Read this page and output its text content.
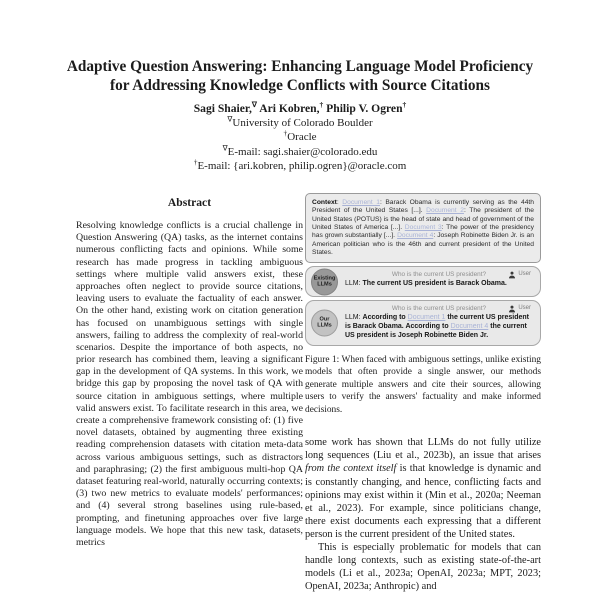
Adaptive Question Answering: Enhancing Language Model Proficiency for Addressing Knowledge Conflicts with Source Citations
Sagi Shaier,∇ Ari Kobren,† Philip V. Ogren†
∇University of Colorado Boulder
†Oracle
∇E-mail: sagi.shaier@colorado.edu
†E-mail: {ari.kobren, philip.ogren}@oracle.com
Abstract
Resolving knowledge conflicts is a crucial challenge in Question Answering (QA) tasks, as the internet contains numerous conflicting facts and opinions. While some research has made progress in tackling ambiguous settings where multiple valid answers exist, these approaches often neglect to provide source citations, leaving users to evaluate the factuality of each answer. On the other hand, existing work on citation generation has focused on unambiguous settings with single answers, failing to address the complexity of real-world scenarios. Despite the importance of both aspects, no prior research has combined them, leaving a significant gap in the development of QA systems. In this work, we bridge this gap by proposing the novel task of QA with source citation in ambiguous settings, where multiple valid answers exist. To facilitate research in this area, we create a comprehensive framework consisting of: (1) five novel datasets, obtained by augmenting three existing reading comprehension datasets with citation meta-data across various ambiguous settings, such as distractors and paraphrasing; (2) the first ambiguous multi-hop QA dataset featuring real-world, naturally occurring contexts; (3) two new metrics to evaluate models' performances; and (4) several strong baselines using rule-based, prompting, and finetuning approaches over five large language models. We hope that this new task, datasets, metrics
Context: Document 1: Barack Obama is currently serving as the 44th President of the United States [...]. Document 2: The president of the United States (POTUS) is the head of state and head of government of the United States of America [...]. Document 3: The power of the presidency has grown substantially [...]. Document 4: Joseph Robinette Biden Jr. is an American politician who is the 46th and current president of the United States.
Existing LLMs
Who is the current US president?	User
LLM: The current US president is Barack Obama.
Our LLMs
Who is the current US president?	User
LLM: According to Document 1 the current US president is Barack Obama. According to Document 4 the current US president is Joseph Robinette Biden Jr.
Figure 1: When faced with ambiguous settings, unlike existing models that often provide a single answer, our methods generate multiple answers and cite their sources, allowing users to verify the answers' factuality and make informed decisions.

some work has shown that LLMs do not fully utilize long sequences (Liu et al., 2023b), an issue that arises from the context itself is that knowledge is dynamic and is constantly changing, and hence, conflicting facts and opinions may exist within it (Min et al., 2020a; Neeman et al., 2023). For example, since politicians change, there exist documents each expressing that a different person is the current president of the United states.

This is especially problematic for models that can handle long contexts, such as existing state-of-the-art models (Li et al., 2023a; OpenAI, 2023a; MPT, 2023; OpenAI, 2023a; Anthropic) and
